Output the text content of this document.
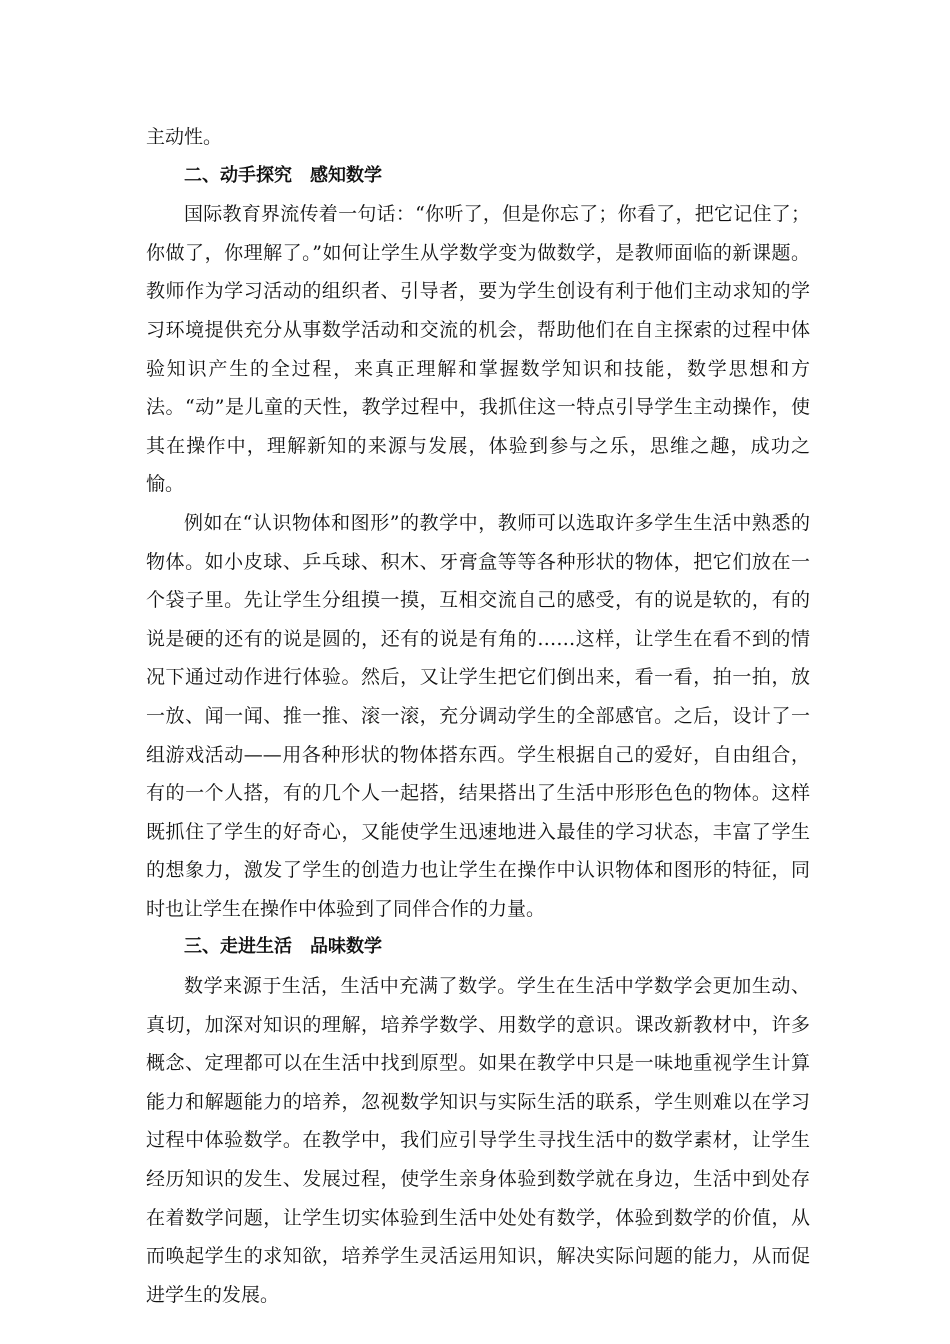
主动性。

二、动手探究 感知数学

国际教育界流传着一句话：“你听了，但是你忘了；你看了，把它记住了；你做了，你理解了。”如何让学生从学数学变为做数学，是教师面临的新课题。教师作为学习活动的组织者、引导者，要为学生创设有利于他们主动求知的学习环境提供充分从事数学活动和交流的机会，帮助他们在自主探索的过程中体验知识产生的全过程，来真正理解和掌握数学知识和技能，数学思想和方法。“动”是儿童的天性，教学过程中，我抓住这一特点引导学生主动操作，使其在操作中，理解新知的来源与发展，体验到参与之乐，思维之趣，成功之愉。

例如在“认识物体和图形”的教学中，教师可以选取许多学生生活中熟悉的物体。如小皮球、乒乓球、积木、牙膏盒等等各种形状的物体，把它们放在一个袋子里。先让学生分组摸一摸，互相交流自己的感受，有的说是软的，有的说是硬的还有的说是圆的，还有的说是有角的……这样，让学生在看不到的情况下通过动作进行体验。然后，又让学生把它们倒出来，看一看，拍一拍，放一放、闻一闻、推一推、滚一滚，充分调动学生的全部感官。之后，设计了一组游戏活动——用各种形状的物体搭东西。学生根据自己的爱好，自由组合，有的一个人搭，有的几个人一起搭，结果搭出了生活中形形色色的物体。这样既抓住了学生的好奇心，又能使学生迅速地进入最佳的学习状态，丰富了学生的想象力，激发了学生的创造力也让学生在操作中认识物体和图形的特征，同时也让学生在操作中体验到了同伴合作的力量。

三、走进生活 品味数学

数学来源于生活，生活中充满了数学。学生在生活中学数学会更加生动、真切，加深对知识的理解，培养学数学、用数学的意识。课改新教材中，许多概念、定理都可以在生活中找到原型。如果在教学中只是一味地重视学生计算能力和解题能力的培养，忽视数学知识与实际生活的联系，学生则难以在学习过程中体验数学。在教学中，我们应引导学生寻找生活中的数学素材，让学生经历知识的发生、发展过程，使学生亲身体验到数学就在身边，生活中到处存在着数学问题，让学生切实体验到生活中处处有数学，体验到数学的价值，从而唤起学生的求知欲，培养学生灵活运用知识，解决实际问题的能力，从而促进学生的发展。
